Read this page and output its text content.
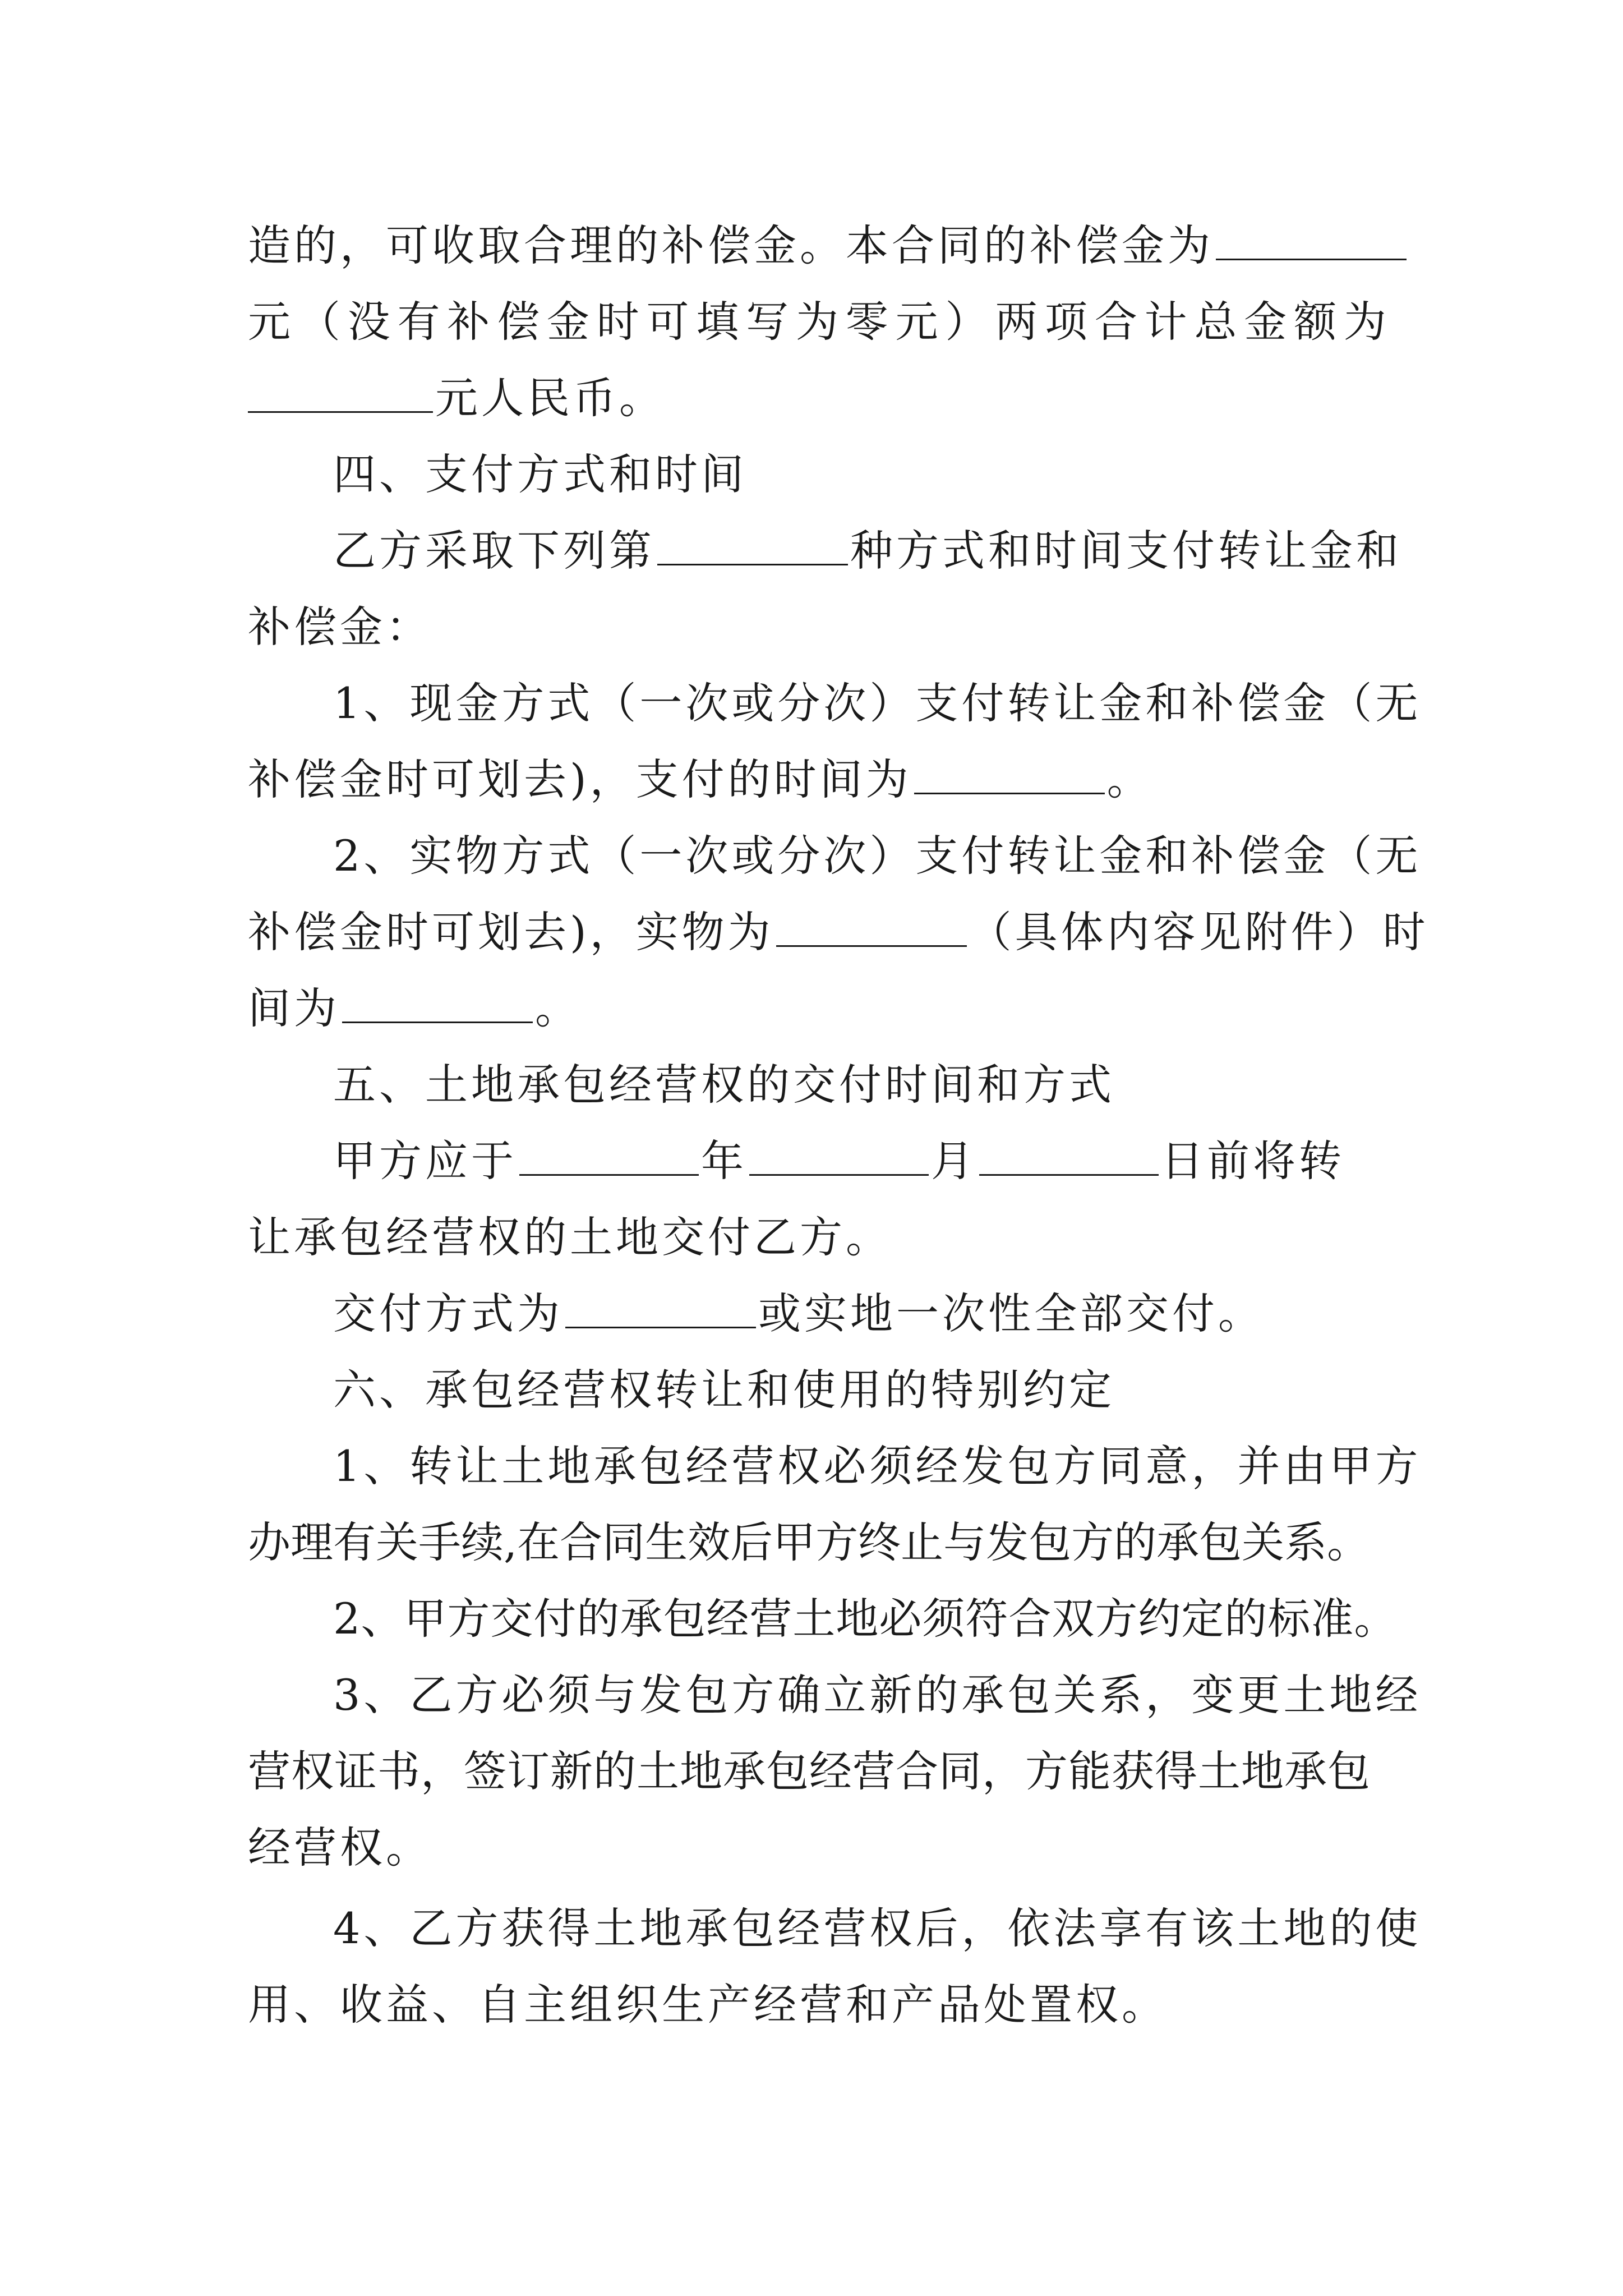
造的，可收取合理的补偿金。本合同的补偿金为
元 （ 没 有 补 偿 金 时 可 填 写 为 零 元 ） 两 项 合 计 总 金 额 为
元人民币。
四、支付方式和时间
乙方采取下列第	种方式和时间支付转让金和
补偿金：
1、现金方式（一次或分次）支付转让金和补偿金（无
补偿金时可划去)，支付的时间为	。
2、实物方式（一次或分次）支付转让金和补偿金（无
补偿金时可划去)，实物为	（具体内容见附件）时
间为	。
五、土地承包经营权的交付时间和方式
甲方应于	年	月	日前将转
让承包经营权的土地交付乙方。
交付方式为	或实地一次性全部交付。
六、承包经营权转让和使用的特别约定
1、转让土地承包经营权必须经发包方同意，并由甲方
办理有关手续,在合同生效后甲方终止与发包方的承包关系。
2、甲方交付的承包经营土地必须符合双方约定的标准。
3、乙方必须与发包方确立新的承包关系，变更土地经
营权证书，签订新的土地承包经营合同，方能获得土地承包
经营权。
4、乙方获得土地承包经营权后，依法享有该土地的使
用、收益、自主组织生产经营和产品处置权。
